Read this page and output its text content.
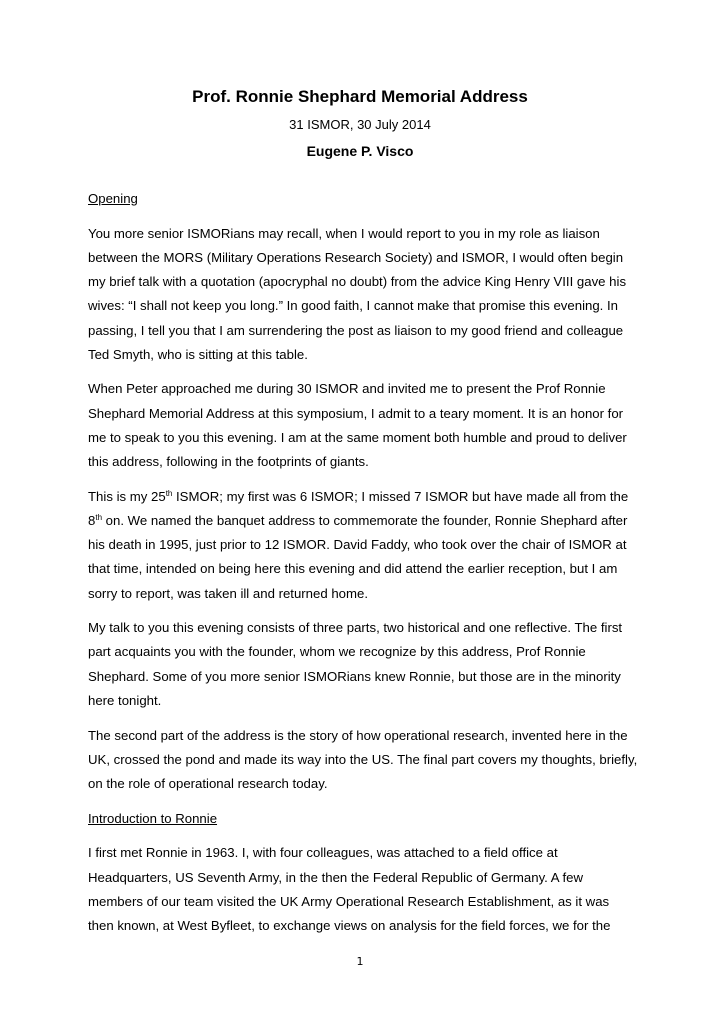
Prof. Ronnie Shephard Memorial Address
31 ISMOR, 30 July 2014
Eugene P. Visco

Opening

You more senior ISMORians may recall, when I would report to you in my role as liaison between the MORS (Military Operations Research Society) and ISMOR, I would often begin my brief talk with a quotation (apocryphal no doubt) from the advice King Henry VIII gave his wives: “I shall not keep you long.” In good faith, I cannot make that promise this evening. In passing, I tell you that I am surrendering the post as liaison to my good friend and colleague Ted Smyth, who is sitting at this table.

When Peter approached me during 30 ISMOR and invited me to present the Prof Ronnie Shephard Memorial Address at this symposium, I admit to a teary moment. It is an honor for me to speak to you this evening. I am at the same moment both humble and proud to deliver this address, following in the footprints of giants.

This is my 25th ISMOR; my first was 6 ISMOR; I missed 7 ISMOR but have made all from the 8th on. We named the banquet address to commemorate the founder, Ronnie Shephard after his death in 1995, just prior to 12 ISMOR. David Faddy, who took over the chair of ISMOR at that time, intended on being here this evening and did attend the earlier reception, but I am sorry to report, was taken ill and returned home.

My talk to you this evening consists of three parts, two historical and one reflective. The first part acquaints you with the founder, whom we recognize by this address, Prof Ronnie Shephard. Some of you more senior ISMORians knew Ronnie, but those are in the minority here tonight.

The second part of the address is the story of how operational research, invented here in the UK, crossed the pond and made its way into the US. The final part covers my thoughts, briefly, on the role of operational research today.

Introduction to Ronnie

I first met Ronnie in 1963. I, with four colleagues, was attached to a field office at Headquarters, US Seventh Army, in the then the Federal Republic of Germany. A few members of our team visited the UK Army Operational Research Establishment, as it was then known, at West Byfleet, to exchange views on analysis for the field forces, we for the

1
